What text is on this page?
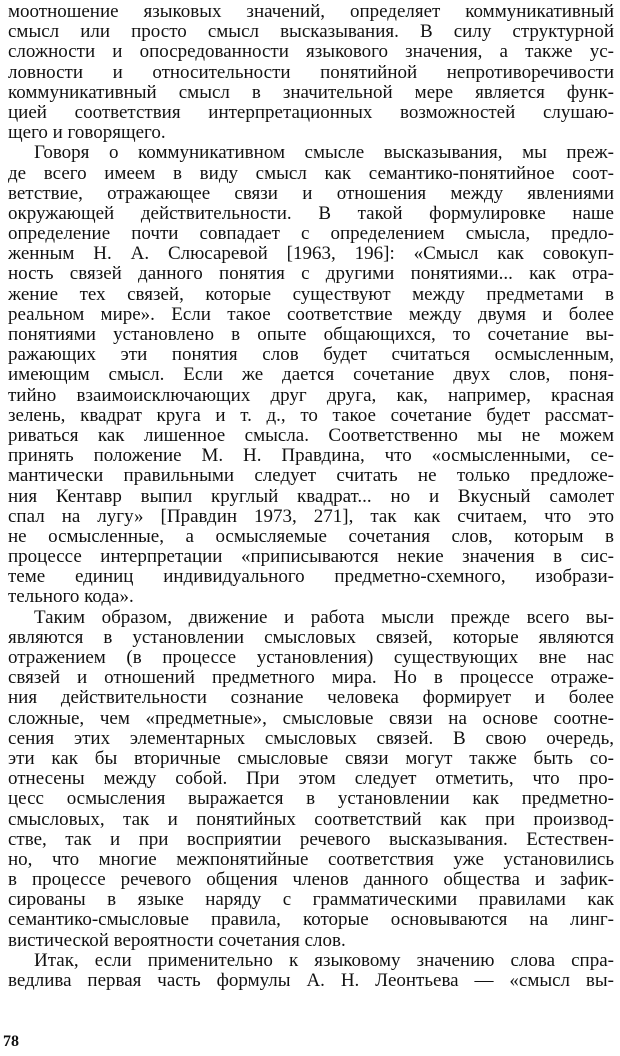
моотношение языковых значений, определяет коммуникативный
смысл или просто смысл высказывания. В силу структурной
сложности и опосредованности языкового значения, а также ус-
ловности и относительности понятийной непротиворечивости
коммуникативный смысл в значительной мере является функ-
цией соответствия интерпретационных возможностей слушаю-
щего и говорящего.
Говоря о коммуникативном смысле высказывания, мы преж-
де всего имеем в виду смысл как семантико-понятийное соот-
ветствие, отражающее связи и отношения между явлениями
окружающей действительности. В такой формулировке наше
определение почти совпадает с определением смысла, предло-
женным Н. А. Слюсаревой [1963, 196]: «Смысл как совокуп-
ность связей данного понятия с другими понятиями... как отра-
жение тех связей, которые существуют между предметами в
реальном мире». Если такое соответствие между двумя и более
понятиями установлено в опыте общающихся, то сочетание вы-
ражающих эти понятия слов будет считаться осмысленным,
имеющим смысл. Если же дается сочетание двух слов, поня-
тийно взаимоисключающих друг друга, как, например, красная
зелень, квадрат круга и т. д., то такое сочетание будет рассмат-
риваться как лишенное смысла. Соответственно мы не можем
принять положение М. Н. Правдина, что «осмысленными, се-
мантически правильными следует считать не только предложе-
ния Кентавр выпил круглый квадрат... но и Вкусный самолет
спал на лугу» [Правдин 1973, 271], так как считаем, что это
не осмысленные, а осмысляемые сочетания слов, которым в
процессе интерпретации «приписываются некие значения в сис-
теме единиц индивидуального предметно-схемного, изобрази-
тельного кода».
Таким образом, движение и работа мысли прежде всего вы-
являются в установлении смысловых связей, которые являются
отражением (в процессе установления) существующих вне нас
связей и отношений предметного мира. Но в процессе отраже-
ния действительности сознание человека формирует и более
сложные, чем «предметные», смысловые связи на основе соотне-
сения этих элементарных смысловых связей. В свою очередь,
эти как бы вторичные смысловые связи могут также быть со-
отнесены между собой. При этом следует отметить, что про-
цесс осмысления выражается в установлении как предметно-
смысловых, так и понятийных соответствий как при производ-
стве, так и при восприятии речевого высказывания. Естествен-
но, что многие межпонятийные соответствия уже установились
в процессе речевого общения членов данного общества и зафик-
сированы в языке наряду с грамматическими правилами как
семантико-смысловые правила, которые основываются на линг-
вистической вероятности сочетания слов.
Итак, если применительно к языковому значению слова спра-
ведлива первая часть формулы А. Н. Леонтьева — «смысл вы-
78
